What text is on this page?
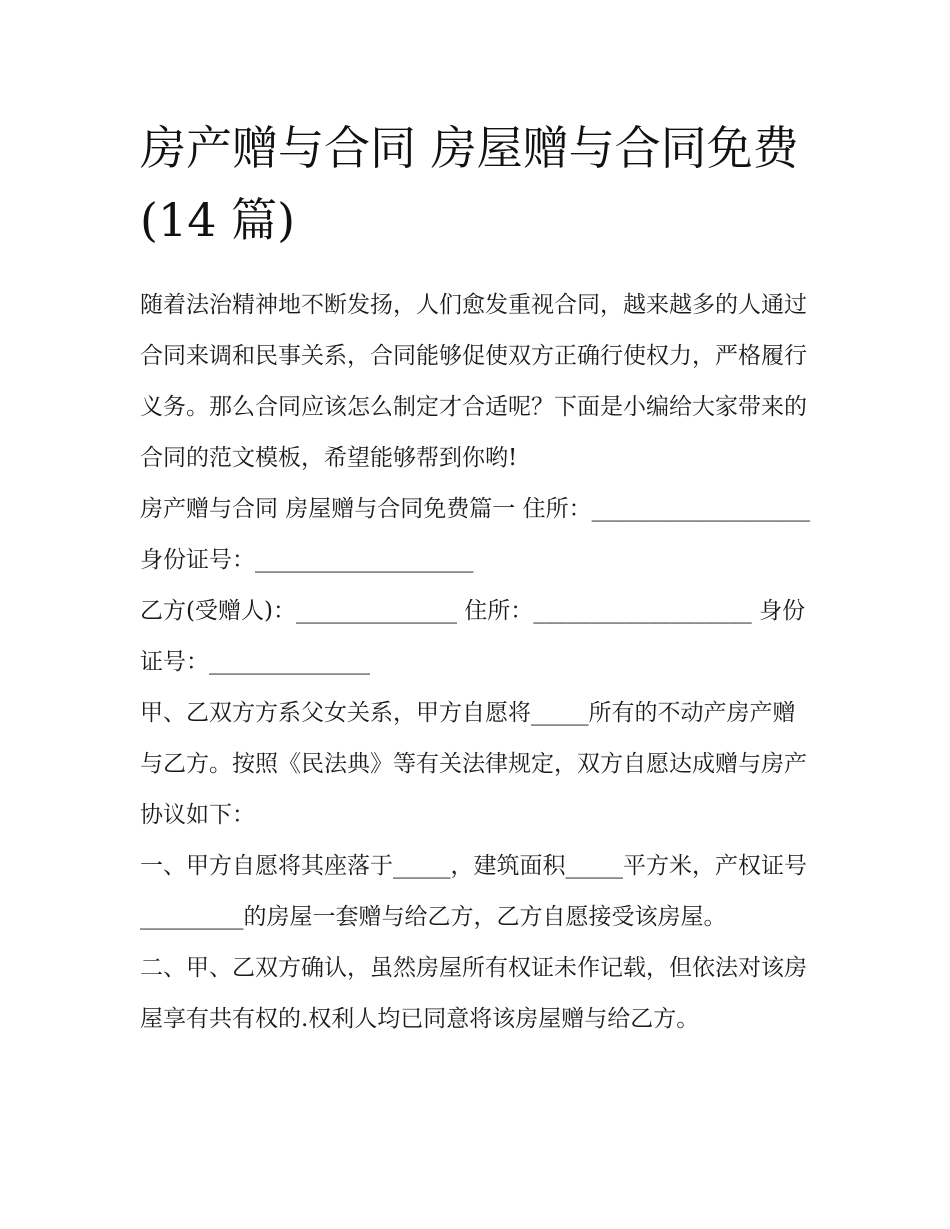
房产赠与合同 房屋赠与合同免费(14 篇)

随着法治精神地不断发扬，人们愈发重视合同，越来越多的人通过合同来调和民事关系，合同能够促使双方正确行使权力，严格履行义务。那么合同应该怎么制定才合适呢？下面是小编给大家带来的合同的范文模板，希望能够帮到你哟!

房产赠与合同 房屋赠与合同免费篇一 住所：___________________ 身份证号：___________________

乙方(受赠人)：______________ 住所：___________________ 身份证号：______________

甲、乙双方方系父女关系，甲方自愿将_____所有的不动产房产赠与乙方。按照《民法典》等有关法律规定，双方自愿达成赠与房产协议如下：

一、甲方自愿将其座落于_____，建筑面积_____平方米，产权证号_________的房屋一套赠与给乙方，乙方自愿接受该房屋。

二、甲、乙双方确认，虽然房屋所有权证未作记载，但依法对该房屋享有共有权的.权利人均已同意将该房屋赠与给乙方。
